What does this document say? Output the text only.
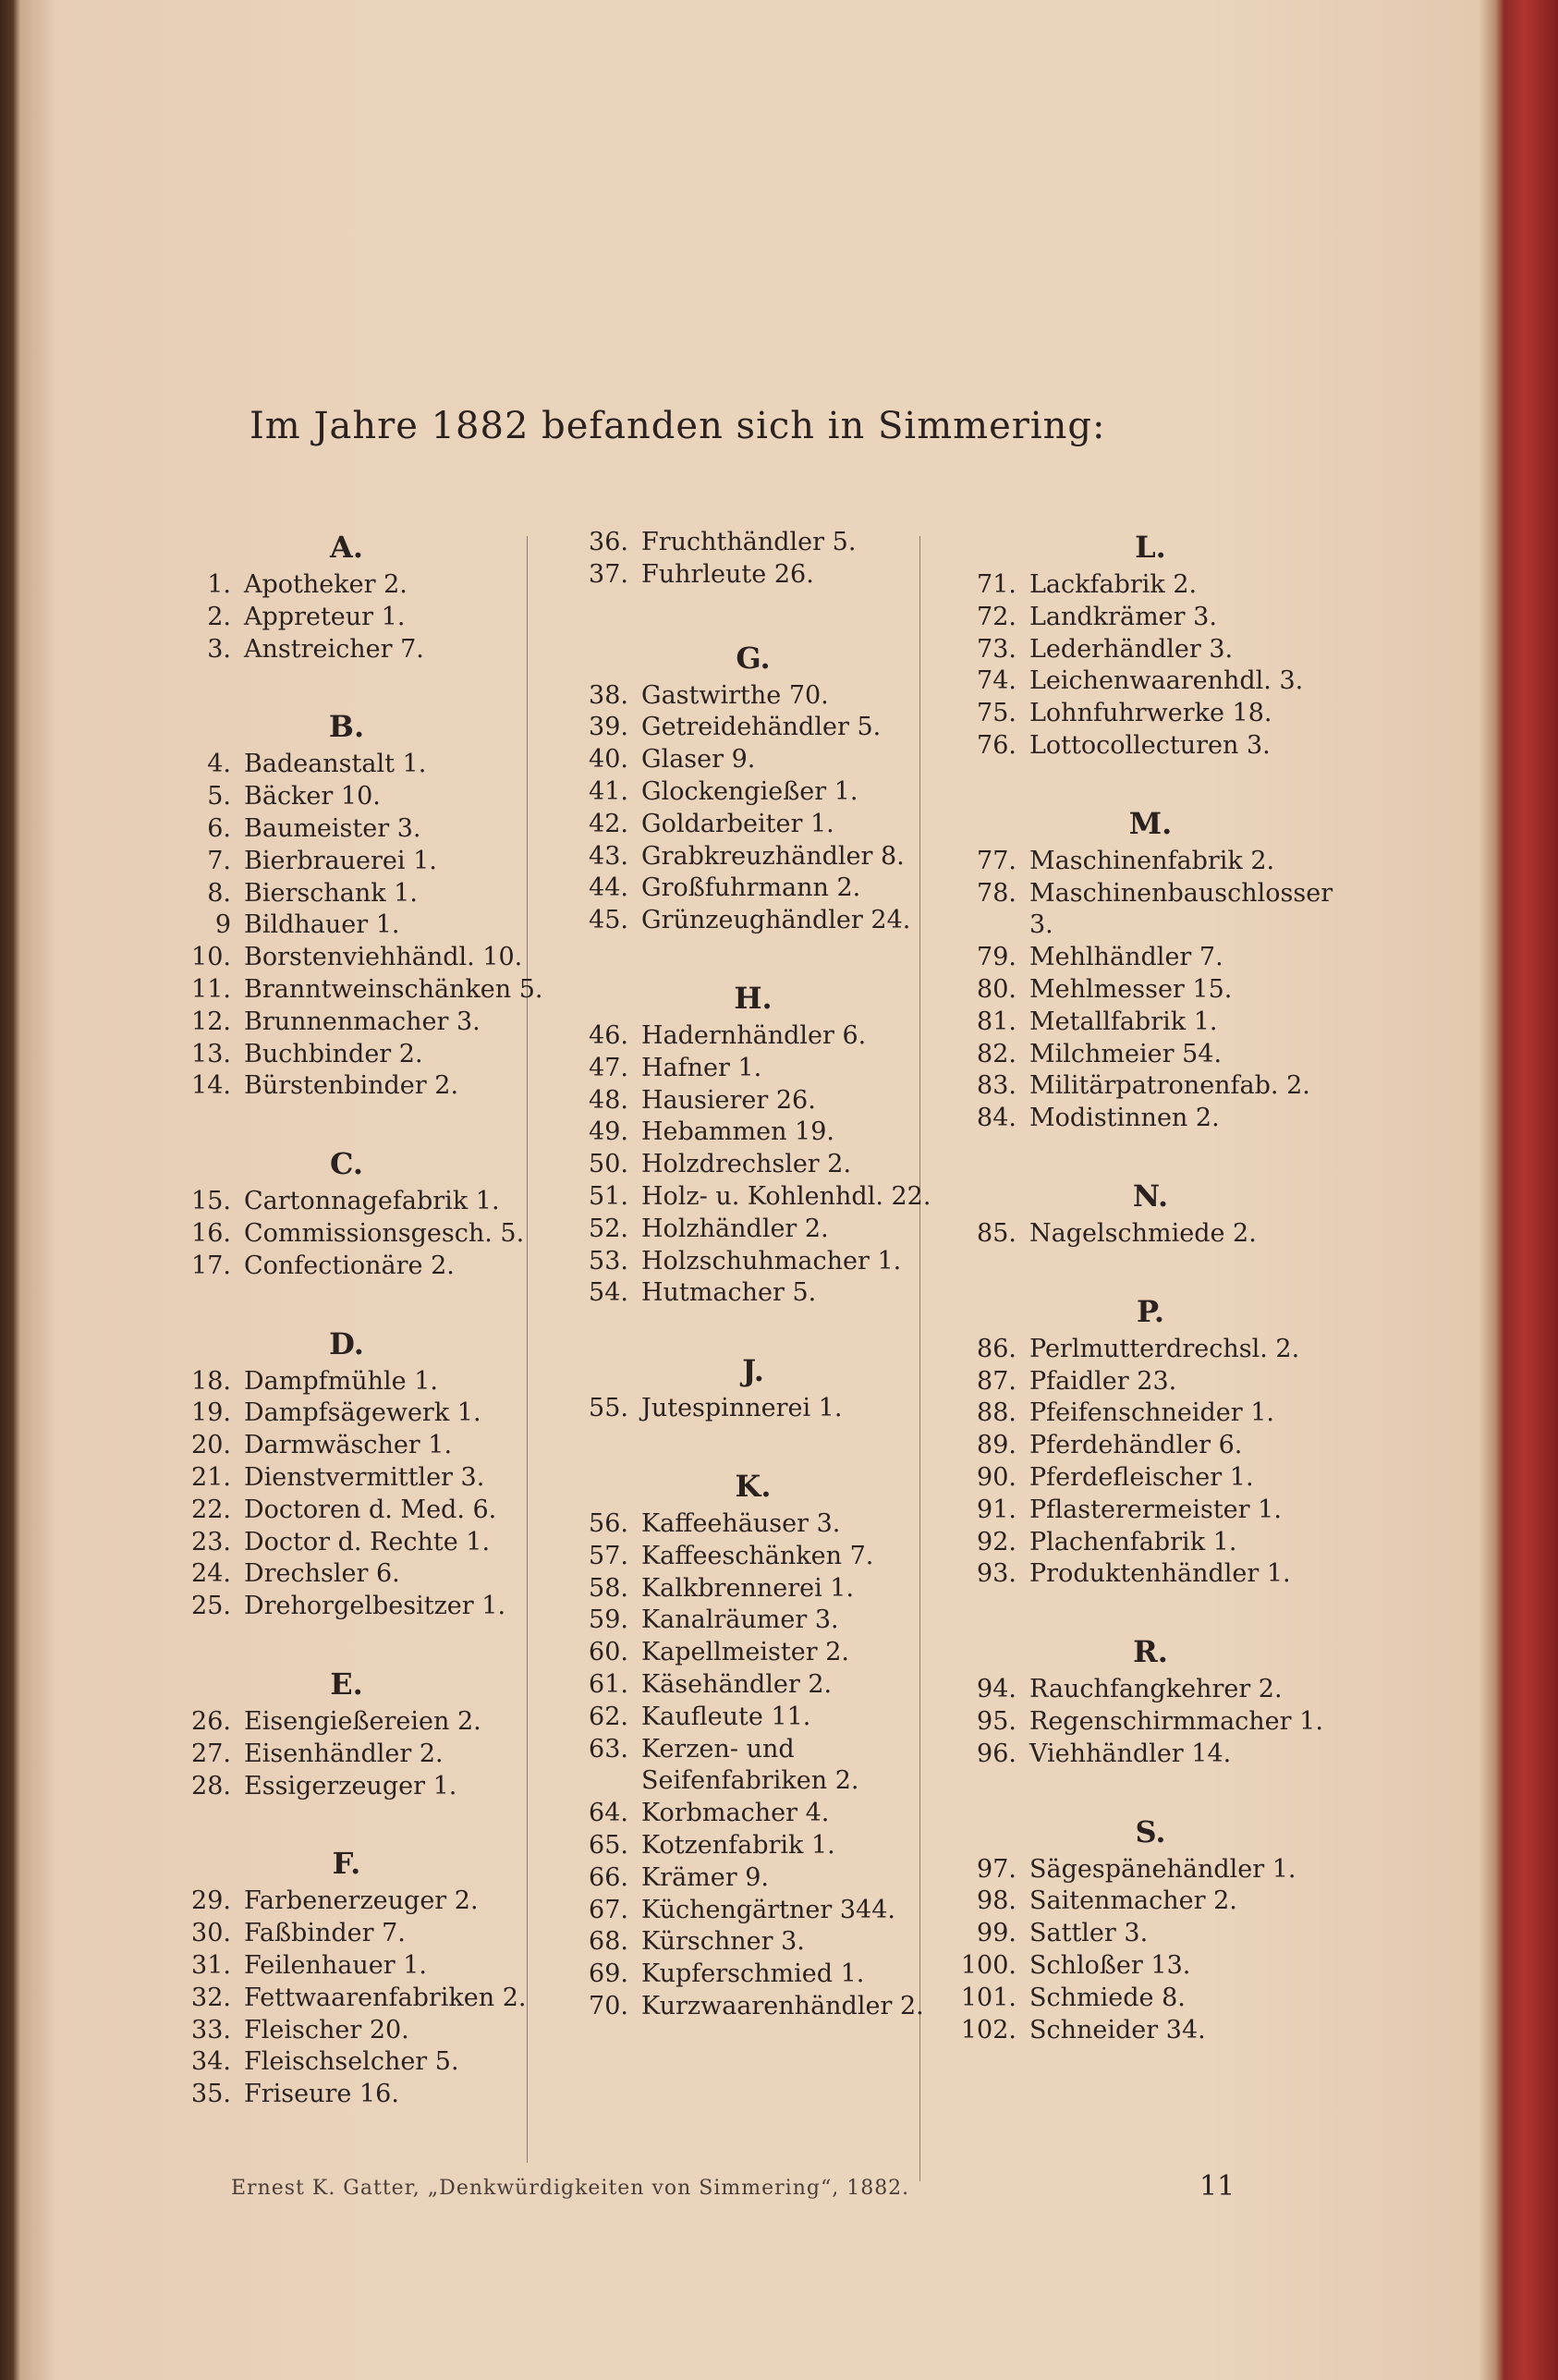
Im Jahre 1882 befanden sich in Simmering:
A.
1. Apotheker 2.
2. Appreteur 1.
3. Anstreicher 7.
B.
4. Badeanstalt 1.
5. Bäcker 10.
6. Baumeister 3.
7. Bierbrauerei 1.
8. Bierschank 1.
9 Bildhauer 1.
10. Borstenviehhändl. 10.
11. Branntweinschänken 5.
12. Brunnenmacher 3.
13. Buchbinder 2.
14. Bürstenbinder 2.
C.
15. Cartonnagefabrik 1.
16. Commissionsgesch. 5.
17. Confectionäre 2.
D.
18. Dampfmühle 1.
19. Dampfsägewerk 1.
20. Darmwäscher 1.
21. Dienstvermittler 3.
22. Doctoren d. Med. 6.
23. Doctor d. Rechte 1.
24. Drechsler 6.
25. Drehorgelbesitzer 1.
E.
26. Eisengießereien 2.
27. Eisenhändler 2.
28. Essigerzeuger 1.
F.
29. Farbenerzeuger 2.
30. Faßbinder 7.
31. Feilenhauer 1.
32. Fettwaarenfabriken 2.
33. Fleischer 20.
34. Fleischselcher 5.
35. Friseure 16.
36. Fruchthändler 5.
37. Fuhrleute 26.
G.
38. Gastwirthe 70.
39. Getreidehändler 5.
40. Glaser 9.
41. Glockengießer 1.
42. Goldarbeiter 1.
43. Grabkreuzhändler 8.
44. Großfuhrmann 2.
45. Grünzeughändler 24.
H.
46. Hadernhändler 6.
47. Hafner 1.
48. Hausierer 26.
49. Hebammen 19.
50. Holzdrechsler 2.
51. Holz- u. Kohlenhdl. 22.
52. Holzhändler 2.
53. Holzschuhmacher 1.
54. Hutmacher 5.
J.
55. Jutespinnerei 1.
K.
56. Kaffeehäuser 3.
57. Kaffeeschänken 7.
58. Kalkbrennerei 1.
59. Kanalräumer 3.
60. Kapellmeister 2.
61. Käsehändler 2.
62. Kaufleute 11.
63. Kerzen- und Seifenfabriken 2.
64. Korbmacher 4.
65. Kotzenfabrik 1.
66. Krämer 9.
67. Küchengärtner 344.
68. Kürschner 3.
69. Kupferschmied 1.
70. Kurzwaarenhändler 2.
L.
71. Lackfabrik 2.
72. Landkrämer 3.
73. Lederhändler 3.
74. Leichenwaarenhdl. 3.
75. Lohnfuhrwerke 18.
76. Lottocollecturen 3.
M.
77. Maschinenfabrik 2.
78. Maschinenbauschlosser 3.
79. Mehlhändler 7.
80. Mehlmesser 15.
81. Metallfabrik 1.
82. Milchmeier 54.
83. Militärpatronenfab. 2.
84. Modistinnen 2.
N.
85. Nagelschmiede 2.
P.
86. Perlmutterdrechsl. 2.
87. Pfaidler 23.
88. Pfeifenschneider 1.
89. Pferdehändler 6.
90. Pferdefleischer 1.
91. Pflasterermeister 1.
92. Plachenfabrik 1.
93. Produktenhändler 1.
R.
94. Rauchfangkehrer 2.
95. Regenschirmmacher 1.
96. Viehhändler 14.
S.
97. Sägespänehändler 1.
98. Saitenmacher 2.
99. Sattler 3.
100. Schloßer 13.
101. Schmiede 8.
102. Schneider 34.
Ernest K. Gatter, „Denkwürdigkeiten von Simmering“, 1882.	11
